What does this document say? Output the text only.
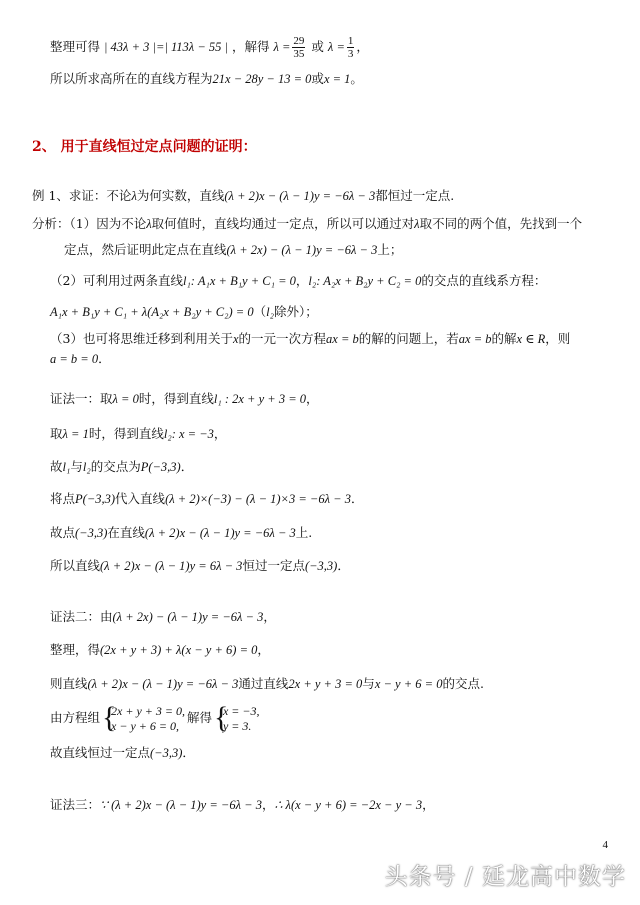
整理可得 | 43λ + 3 |=| 113λ − 55 | ，解得 $\lambda = \frac{29}{35}$ 或 $\lambda = \frac{1}{3}$ ，
所以所求高所在的直线方程为21x − 28y − 13 = 0或x = 1。
2、 用于直线恒过定点问题的证明：
例 1、求证：不论λ为何实数，直线(λ + 2)x − (λ − 1)y = −6λ − 3都恒过一定点.
分析：（1）因为不论λ取何值时，直线均通过一定点，所以可以通过对λ取不同的两个值，先找到一个
定点，然后证明此定点在直线(λ + 2x) − (λ − 1)y = −6λ − 3上；
（2）可利用过两条直线l₁: A₁x + B₁y + C₁ = 0，l₂: A₂x + B₂y + C₂ = 0的交点的直线系方程：
A₁x + B₁y + C₁ + λ(A₂x + B₂y + C₂) = 0（l₂除外）；
（3）也可将思维迁移到利用关于x的一元一次方程ax = b的解的问题上，若ax = b的解x ∈ R，则
a = b = 0．
证法一：取λ = 0时，得到直线l₁ : 2x + y + 3 = 0，
取λ = 1时，得到直线l₂: x = −3，
故l₁与l₂的交点为P(−3,3)．
将点P(−3,3)代入直线(λ + 2)×(−3) − (λ − 1)×3 = −6λ − 3．
故点(−3,3)在直线(λ + 2)x − (λ − 1)y = −6λ − 3上.
所以直线(λ + 2)x − (λ − 1)y = 6λ − 3恒过一定点(−3,3)．
证法二：由(λ + 2x) − (λ − 1)y = −6λ − 3，
整理，得(2x + y + 3) + λ(x − y + 6) = 0，
则直线(λ + 2)x − (λ − 1)y = −6λ − 3通过直线2x + y + 3 = 0与x − y + 6 = 0的交点.
由方程组 {
2x + y + 3 = 0,
x − y + 6 = 0,
解得 {
x = −3,
y = 3.
故直线恒过一定点(−3,3)．
证法三：∵ (λ + 2)x − (λ − 1)y = −6λ − 3，∴ λ(x − y + 6) = −2x − y − 3，
4
头条号 / 延龙高中数学
